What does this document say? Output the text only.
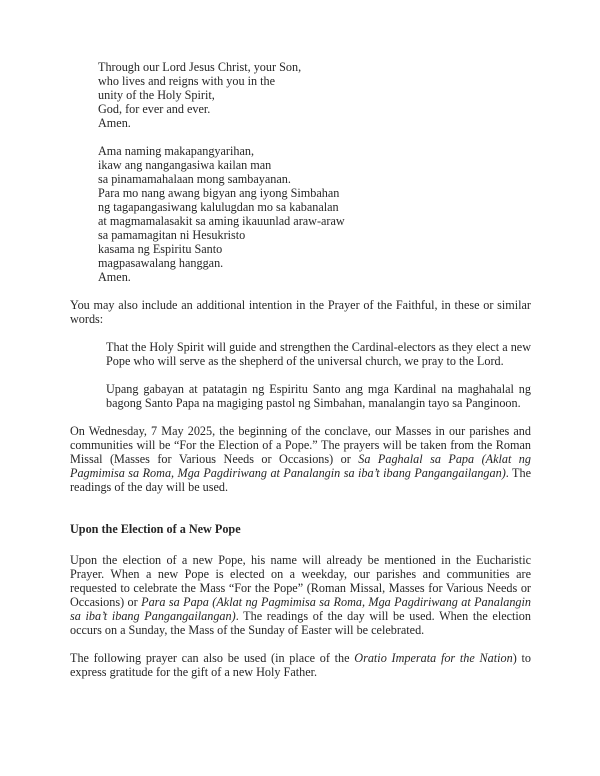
Through our Lord Jesus Christ, your Son,
who lives and reigns with you in the
unity of the Holy Spirit,
God, for ever and ever.
Amen.
Ama naming makapangyarihan,
ikaw ang nangangasiwa kailan man
sa pinamamahalaan mong sambayanan.
Para mo nang awang bigyan ang iyong Simbahan
ng tagapangasiwang kalulugdan mo sa kabanalan
at magmamalasakit sa aming ikauunlad araw-araw
sa pamamagitan ni Hesukristo
kasama ng Espiritu Santo
magpasawalang hanggan.
Amen.

You may also include an additional intention in the Prayer of the Faithful, in these or similar words:

That the Holy Spirit will guide and strengthen the Cardinal-electors as they elect a new Pope who will serve as the shepherd of the universal church, we pray to the Lord.
Upang gabayan at patatagin ng Espiritu Santo ang mga Kardinal na maghahalal ng bagong Santo Papa na magiging pastol ng Simbahan, manalangin tayo sa Panginoon.

On Wednesday, 7 May 2025, the beginning of the conclave, our Masses in our parishes and communities will be “For the Election of a Pope.” The prayers will be taken from the Roman Missal (Masses for Various Needs or Occasions) or Sa Paghalal sa Papa (Aklat ng Pagmimisa sa Roma, Mga Pagdiriwang at Panalangin sa iba’t ibang Pangangailangan). The readings of the day will be used.

Upon the Election of a New Pope

Upon the election of a new Pope, his name will already be mentioned in the Eucharistic Prayer. When a new Pope is elected on a weekday, our parishes and communities are requested to celebrate the Mass “For the Pope” (Roman Missal, Masses for Various Needs or Occasions) or Para sa Papa (Aklat ng Pagmimisa sa Roma, Mga Pagdiriwang at Panalangin sa iba’t ibang Pangangailangan). The readings of the day will be used. When the election occurs on a Sunday, the Mass of the Sunday of Easter will be celebrated.

The following prayer can also be used (in place of the Oratio Imperata for the Nation) to express gratitude for the gift of a new Holy Father.
